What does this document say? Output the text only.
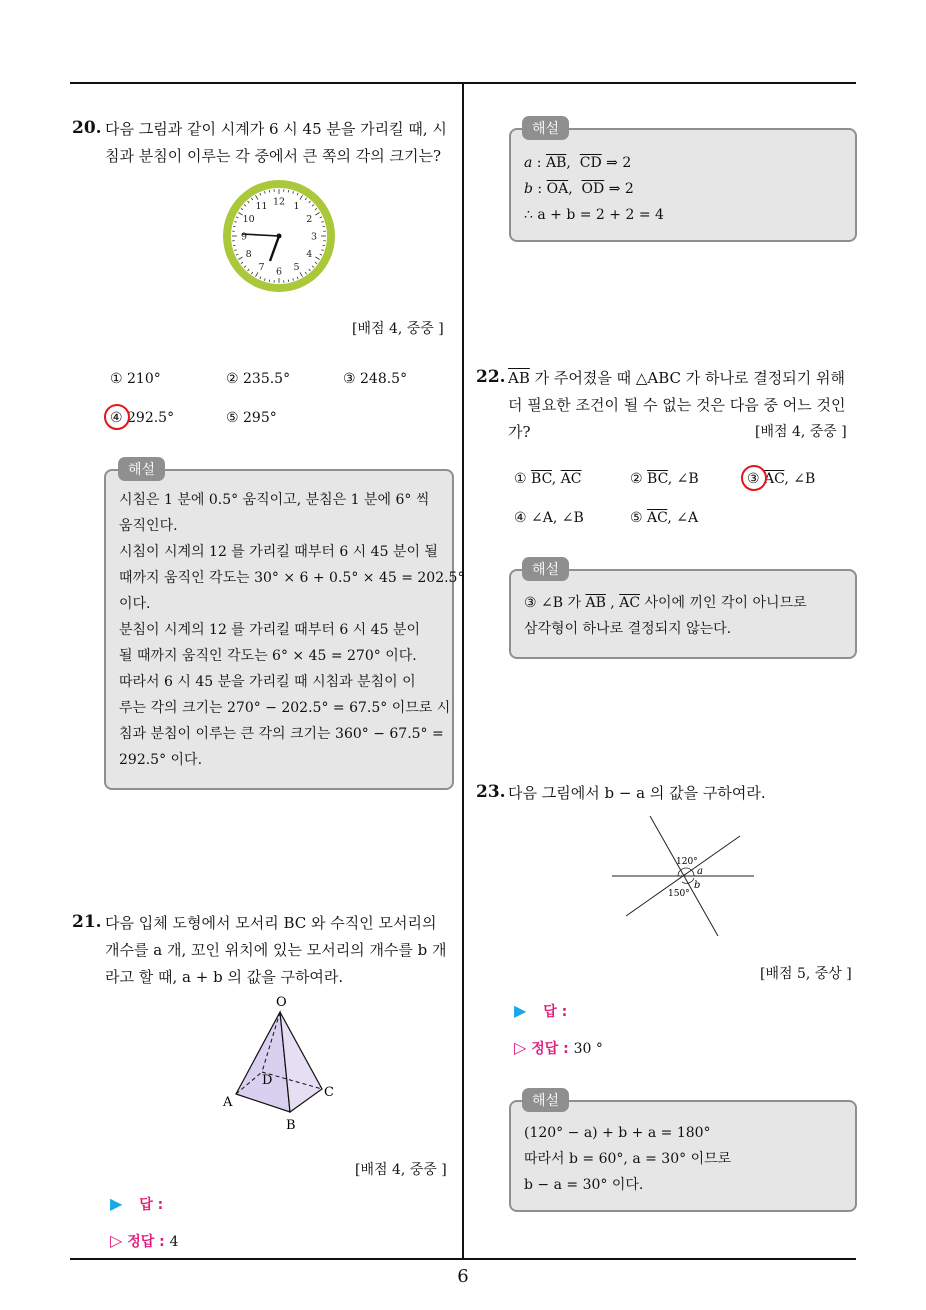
6
20. 다음 그림과 같이 시계가 6 시 45 분을 가리킬 때, 시
침과 분침이 이루는 각 중에서 큰 쪽의 각의 크기는?
12 1
2
3
4
5
6
7
8
9
10
11
[배점 4, 중중 ]
① 210°	② 235.5°	③ 248.5°
④ 292.5°	⑤ 295°
시침은 1 분에 0.5° 움직이고, 분침은 1 분에 6° 씩
움직인다.
시침이 시계의 12 를 가리킬 때부터 6 시 45 분이 될
때까지 움직인 각도는 30° × 6 + 0.5° × 45 = 202.5°
이다.
분침이 시계의 12 를 가리킬 때부터 6 시 45 분이
될 때까지 움직인 각도는 6° × 45 = 270° 이다.
따라서 6 시 45 분을 가리킬 때 시침과 분침이 이
루는 각의 크기는 270° − 202.5° = 67.5° 이므로 시
침과 분침이 이루는 큰 각의 크기는 360° − 67.5° =
292.5° 이다.
해설
21. 다음 입체 도형에서 모서리 BC 와 수직인 모서리의
개수를 a 개, 꼬인 위치에 있는 모서리의 개수를 b 개
라고 할 때, a + b 의 값을 구하여라.
O
A
B
C
D
[배점 4, 중중 ]
▶ 답 :
▷ 정답 : 4
a : $\overline{AB}$,  $\overline{CD}$ ⇒ 2
b : $\overline{OA}$,  $\overline{OD}$ ⇒ 2
∴ a + b = 2 + 2 = 4
해설
22. $\overline{AB}$ 가 주어졌을 때 △ABC 가 하나로 결정되기 위해
더 필요한 조건이 될 수 없는 것은 다음 중 어느 것인
가?	[배점 4, 중중 ]
① $\overline{BC}$, $\overline{AC}$	② $\overline{BC}$, ∠B	③ $\overline{AC}$, ∠B
④ ∠A, ∠B	⑤ $\overline{AC}$, ∠A
③ ∠B 가 $\overline{AB}$ , $\overline{AC}$ 사이에 끼인 각이 아니므로
삼각형이 하나로 결정되지 않는다.
해설
23. 다음 그림에서 b − a 의 값을 구하여라.
120°
a
b
150°
[배점 5, 중상 ]
▶ 답 :
▷ 정답 : 30 °
(120° − a) + b + a = 180°
따라서 b = 60°, a = 30° 이므로
b − a = 30° 이다.
해설
